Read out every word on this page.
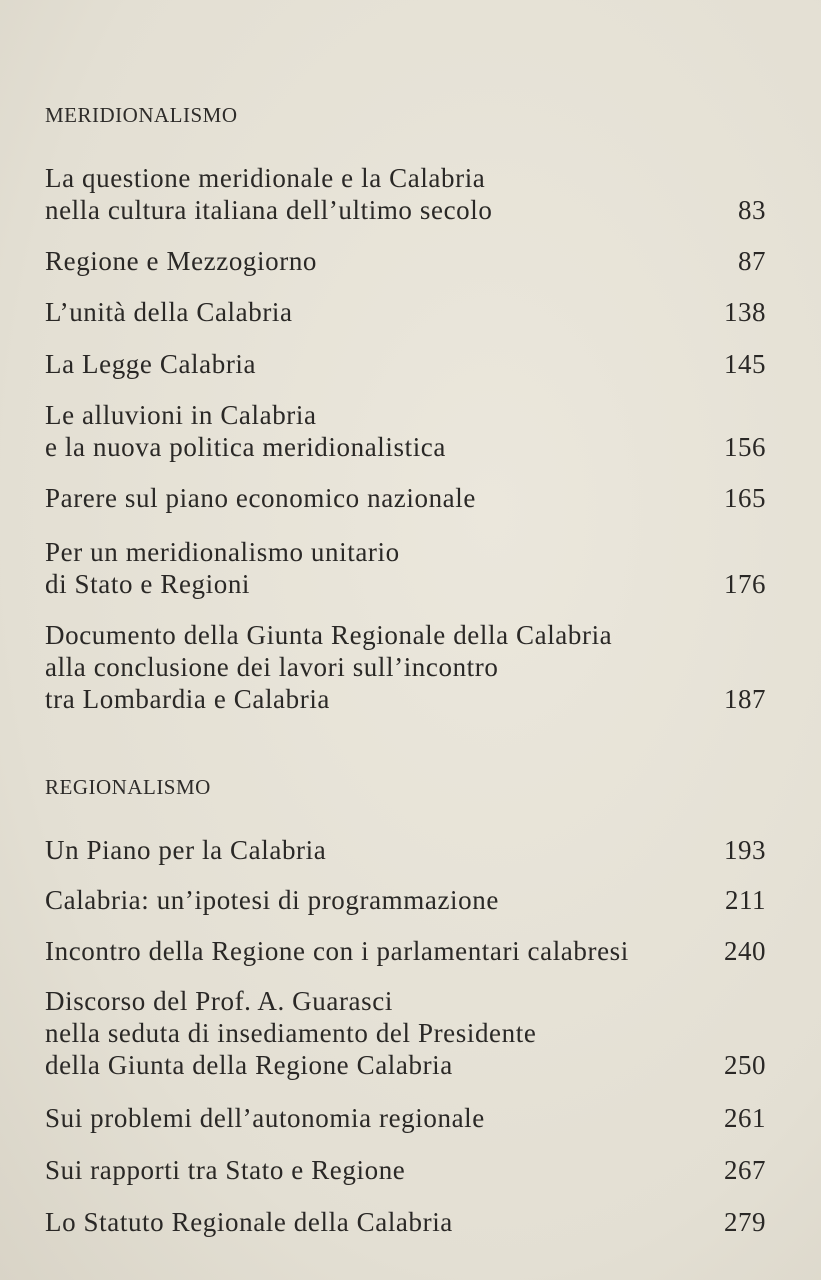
MERIDIONALISMO
La questione meridionale e la Calabria
nella cultura italiana dell’ultimo secolo	83
Regione e Mezzogiorno	87
L’unità della Calabria	138
La Legge Calabria	145
Le alluvioni in Calabria
e la nuova politica meridionalistica	156
Parere sul piano economico nazionale	165
Per un meridionalismo unitario
di Stato e Regioni	176
Documento della Giunta Regionale della Calabria
alla conclusione dei lavori sull’incontro
tra Lombardia e Calabria	187
REGIONALISMO
Un Piano per la Calabria	193
Calabria: un’ipotesi di programmazione	211
Incontro della Regione con i parlamentari calabresi	240
Discorso del Prof. A. Guarasci
nella seduta di insediamento del Presidente
della Giunta della Regione Calabria	250
Sui problemi dell’autonomia regionale	261
Sui rapporti tra Stato e Regione	267
Lo Statuto Regionale della Calabria	279
